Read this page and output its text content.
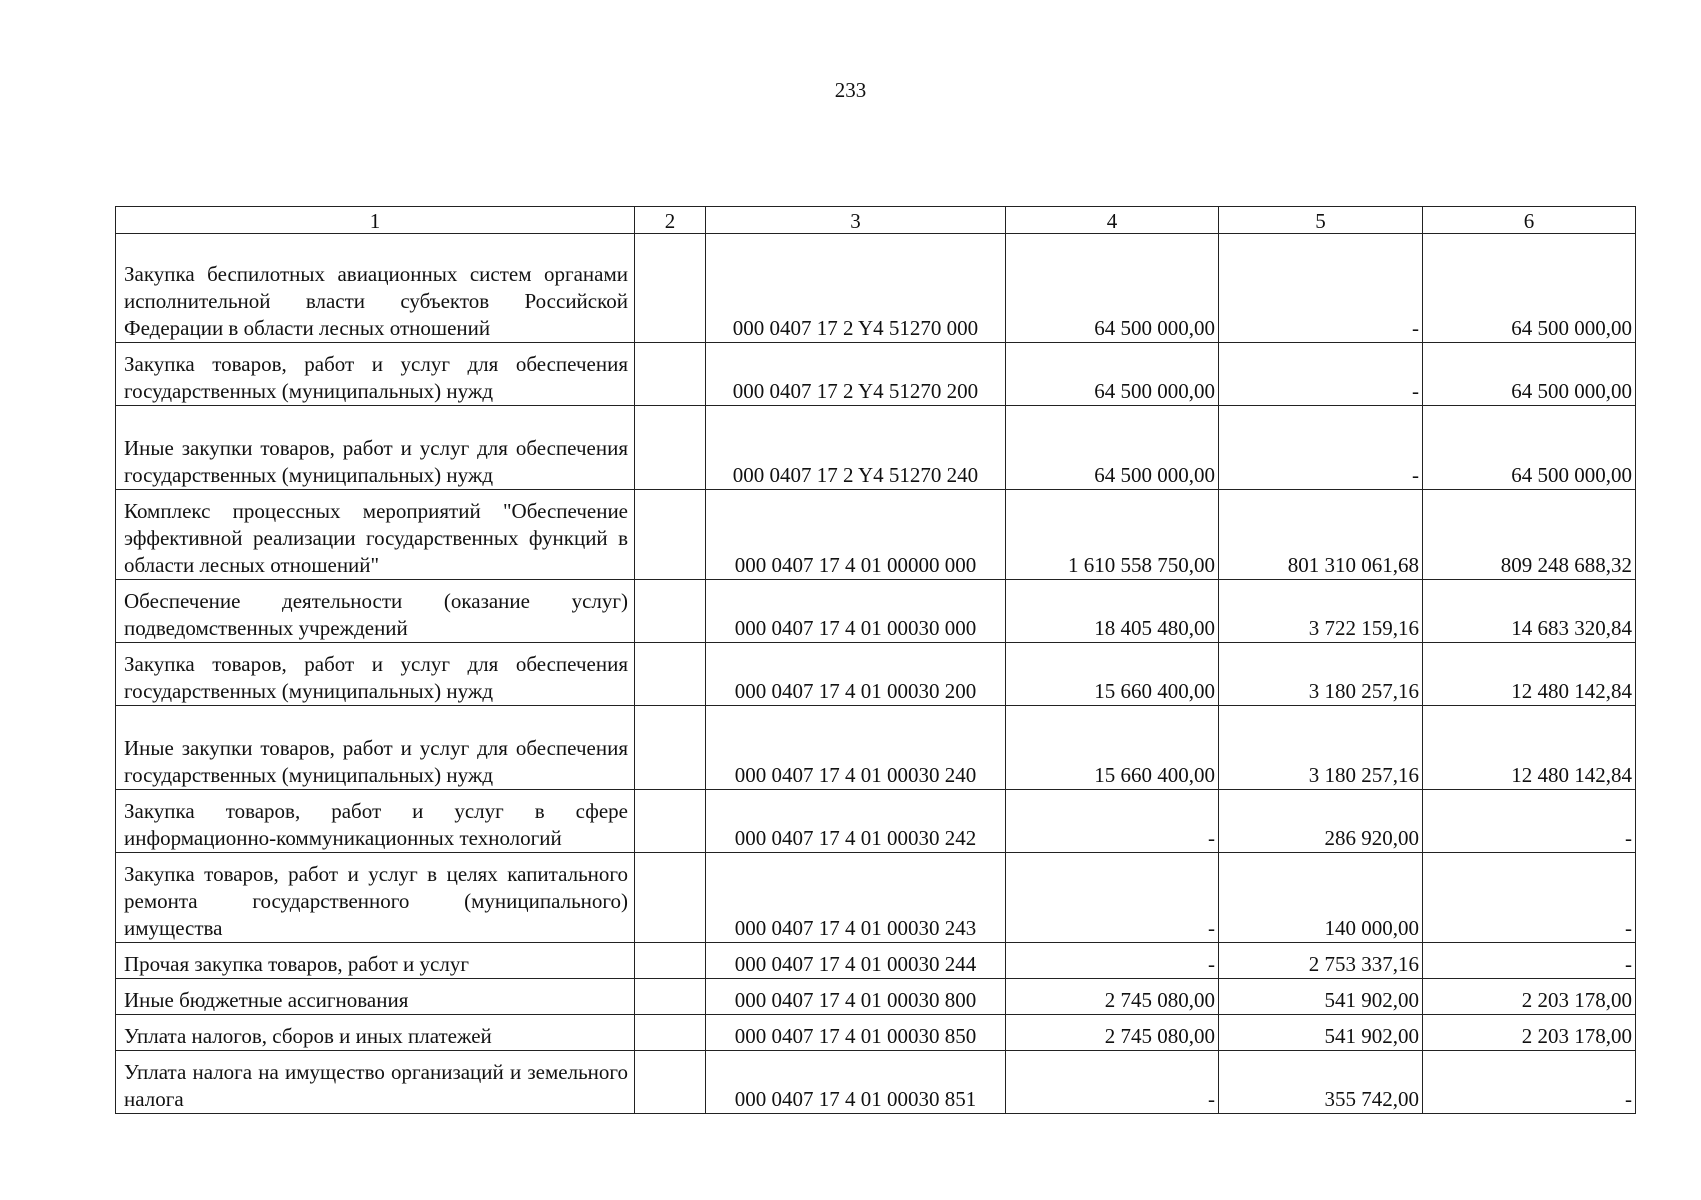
233
1	2	3	4	5	6
Закупка беспилотных авиационных систем органами исполнительной власти субъектов Российской Федерации в области лесных отношений		000 0407 17 2 Y4 51270 000	64 500 000,00	-	64 500 000,00
Закупка товаров, работ и услуг для обеспечения государственных (муниципальных) нужд		000 0407 17 2 Y4 51270 200	64 500 000,00	-	64 500 000,00
Иные закупки товаров, работ и услуг для обеспечения государственных (муниципальных) нужд		000 0407 17 2 Y4 51270 240	64 500 000,00	-	64 500 000,00
Комплекс процессных мероприятий "Обеспечение эффективной реализации государственных функций в области лесных отношений"		000 0407 17 4 01 00000 000	1 610 558 750,00	801 310 061,68	809 248 688,32
Обеспечение деятельности (оказание услуг) подведомственных учреждений		000 0407 17 4 01 00030 000	18 405 480,00	3 722 159,16	14 683 320,84
Закупка товаров, работ и услуг для обеспечения государственных (муниципальных) нужд		000 0407 17 4 01 00030 200	15 660 400,00	3 180 257,16	12 480 142,84
Иные закупки товаров, работ и услуг для обеспечения государственных (муниципальных) нужд		000 0407 17 4 01 00030 240	15 660 400,00	3 180 257,16	12 480 142,84
Закупка товаров, работ и услуг в сфере информационно-коммуникационных технологий		000 0407 17 4 01 00030 242	-	286 920,00	-
Закупка товаров, работ и услуг в целях капитального ремонта государственного (муниципального) имущества		000 0407 17 4 01 00030 243	-	140 000,00	-
Прочая закупка товаров, работ и услуг		000 0407 17 4 01 00030 244	-	2 753 337,16	-
Иные бюджетные ассигнования		000 0407 17 4 01 00030 800	2 745 080,00	541 902,00	2 203 178,00
Уплата налогов, сборов и иных платежей		000 0407 17 4 01 00030 850	2 745 080,00	541 902,00	2 203 178,00
Уплата налога на имущество организаций и земельного налога		000 0407 17 4 01 00030 851	-	355 742,00	-
